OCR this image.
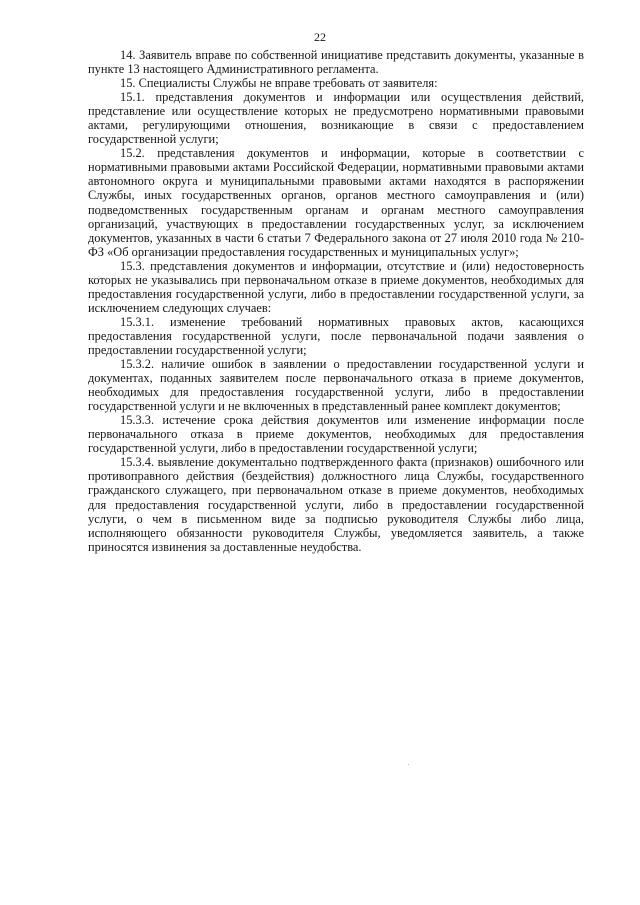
22

14. Заявитель вправе по собственной инициативе представить документы, указанные в пункте 13 настоящего Административного регламента.

15. Специалисты Службы не вправе требовать от заявителя:

15.1. представления документов и информации или осуществления действий, представление или осуществление которых не предусмотрено нормативными правовыми актами, регулирующими отношения, возникающие в связи с предоставлением государственной услуги;

15.2. представления документов и информации, которые в соответствии с нормативными правовыми актами Российской Федерации, нормативными правовыми актами автономного округа и муниципальными правовыми актами находятся в распоряжении Службы, иных государственных органов, органов местного самоуправления и (или) подведомственных государственным органам и органам местного самоуправления организаций, участвующих в предоставлении государственных услуг, за исключением документов, указанных в части 6 статьи 7 Федерального закона от 27 июля 2010 года № 210-ФЗ «Об организации предоставления государственных и муниципальных услуг»;

15.3. представления документов и информации, отсутствие и (или) недостоверность которых не указывались при первоначальном отказе в приеме документов, необходимых для предоставления государственной услуги, либо в предоставлении государственной услуги, за исключением следующих случаев:

15.3.1. изменение требований нормативных правовых актов, касающихся предоставления государственной услуги, после первоначальной подачи заявления о предоставлении государственной услуги;

15.3.2. наличие ошибок в заявлении о предоставлении государственной услуги и документах, поданных заявителем после первоначального отказа в приеме документов, необходимых для предоставления государственной услуги, либо в предоставлении государственной услуги и не включенных в представленный ранее комплект документов;

15.3.3. истечение срока действия документов или изменение информации после первоначального отказа в приеме документов, необходимых для предоставления государственной услуги, либо в предоставлении государственной услуги;

15.3.4. выявление документально подтвержденного факта (признаков) ошибочного или противоправного действия (бездействия) должностного лица Службы, государственного гражданского служащего, при первоначальном отказе в приеме документов, необходимых для предоставления государственной услуги, либо в предоставлении государственной услуги, о чем в письменном виде за подписью руководителя Службы либо лица, исполняющего обязанности руководителя Службы, уведомляется заявитель, а также приносятся извинения за доставленные неудобства.
